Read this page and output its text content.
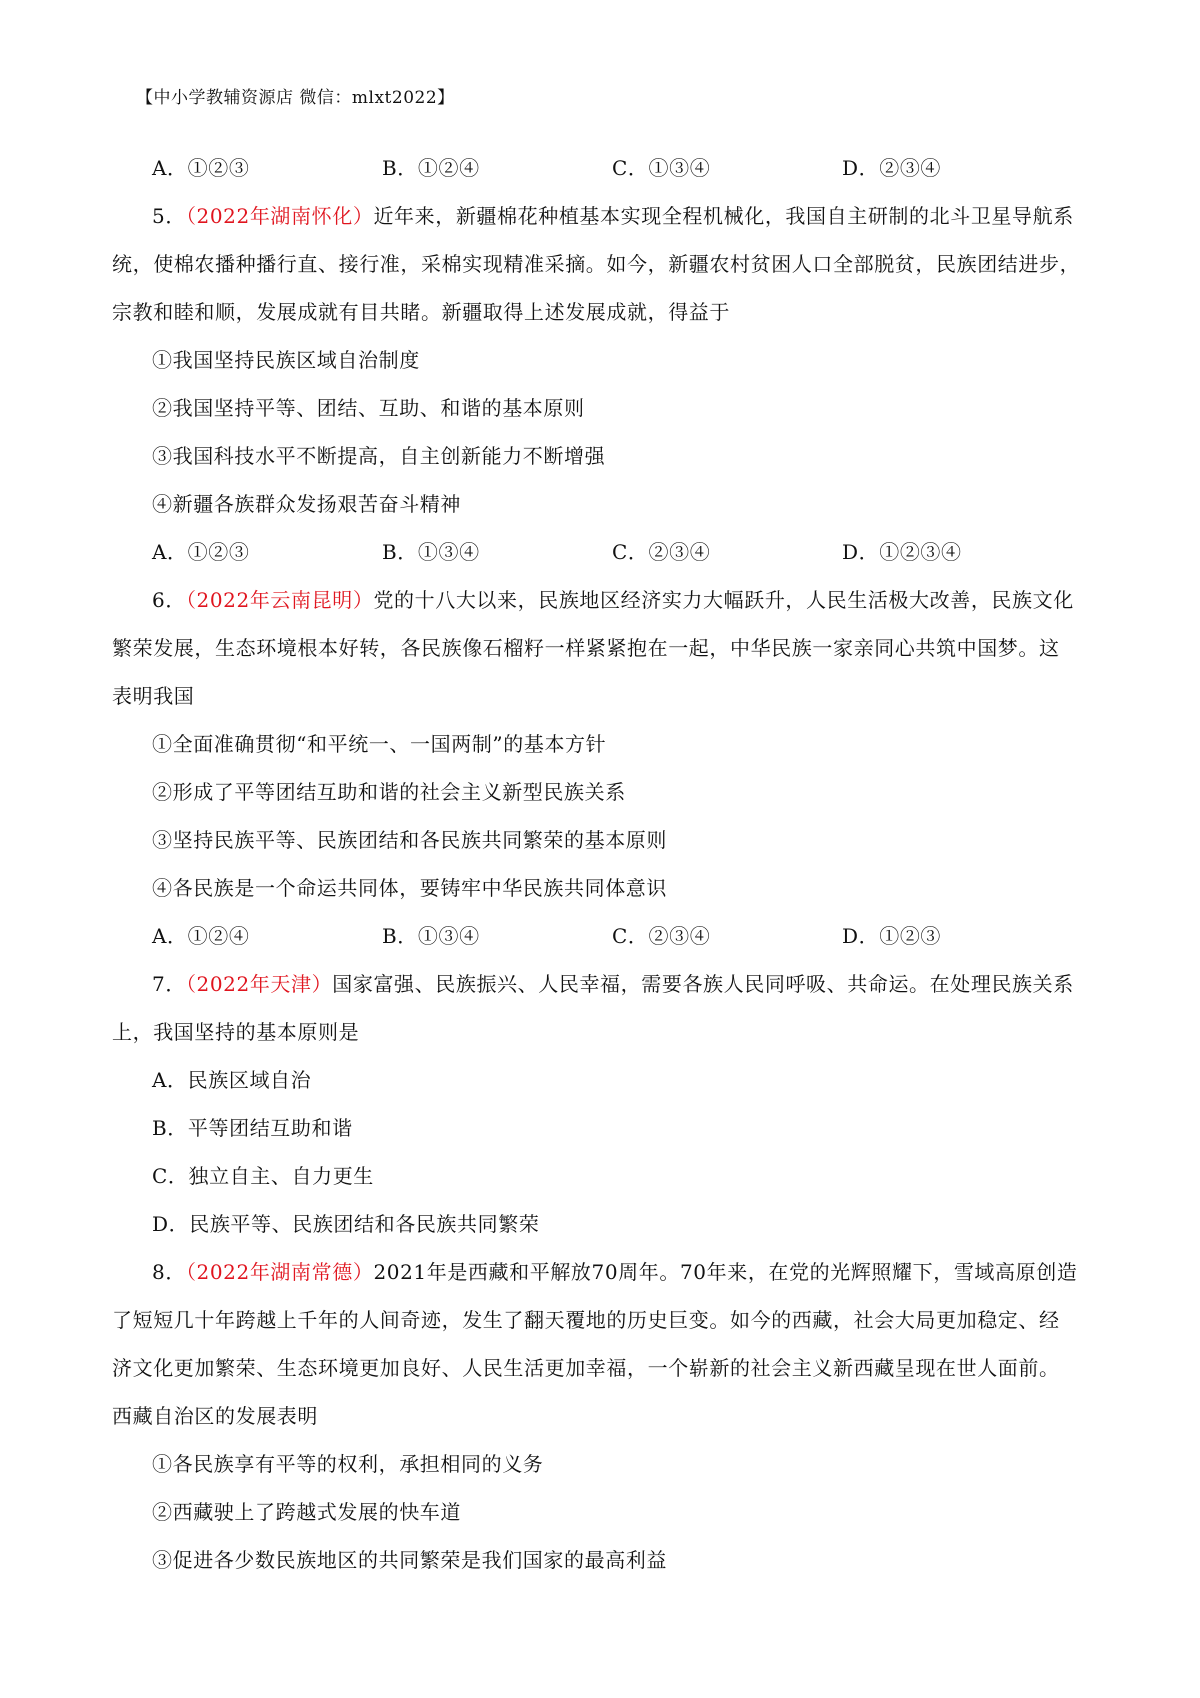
【中小学教辅资源店 微信：mlxt2022】
A．①②③	B．①②④	C．①③④	D．②③④
5．（2022年湖南怀化）近年来，新疆棉花种植基本实现全程机械化，我国自主研制的北斗卫星导航系
统，使棉农播种播行直、接行准，采棉实现精准采摘。如今，新疆农村贫困人口全部脱贫，民族团结进步，
宗教和睦和顺，发展成就有目共睹。新疆取得上述发展成就，得益于
①我国坚持民族区域自治制度
②我国坚持平等、团结、互助、和谐的基本原则
③我国科技水平不断提高，自主创新能力不断增强
④新疆各族群众发扬艰苦奋斗精神
A．①②③	B．①③④	C．②③④	D．①②③④
6．（2022年云南昆明）党的十八大以来，民族地区经济实力大幅跃升，人民生活极大改善，民族文化
繁荣发展，生态环境根本好转，各民族像石榴籽一样紧紧抱在一起，中华民族一家亲同心共筑中国梦。这
表明我国
①全面准确贯彻“和平统一、一国两制”的基本方针
②形成了平等团结互助和谐的社会主义新型民族关系
③坚持民族平等、民族团结和各民族共同繁荣的基本原则
④各民族是一个命运共同体，要铸牢中华民族共同体意识
A．①②④	B．①③④	C．②③④	D．①②③
7．（2022年天津）国家富强、民族振兴、人民幸福，需要各族人民同呼吸、共命运。在处理民族关系
上，我国坚持的基本原则是
A．民族区域自治
B．平等团结互助和谐
C．独立自主、自力更生
D．民族平等、民族团结和各民族共同繁荣
8．（2022年湖南常德）2021年是西藏和平解放70周年。70年来，在党的光辉照耀下，雪域高原创造
了短短几十年跨越上千年的人间奇迹，发生了翻天覆地的历史巨变。如今的西藏，社会大局更加稳定、经
济文化更加繁荣、生态环境更加良好、人民生活更加幸福，一个崭新的社会主义新西藏呈现在世人面前。
西藏自治区的发展表明
①各民族享有平等的权利，承担相同的义务
②西藏驶上了跨越式发展的快车道
③促进各少数民族地区的共同繁荣是我们国家的最高利益
